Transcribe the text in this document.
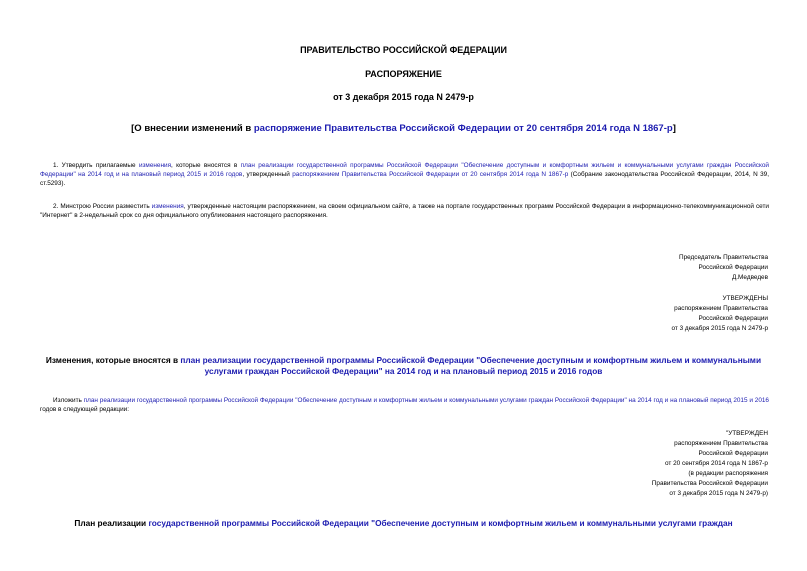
ПРАВИТЕЛЬСТВО РОССИЙСКОЙ ФЕДЕРАЦИИ
РАСПОРЯЖЕНИЕ
от 3 декабря 2015 года N 2479-р
[О внесении изменений в распоряжение Правительства Российской Федерации от 20 сентября 2014 года N 1867-р]
1. Утвердить прилагаемые изменения, которые вносятся в план реализации государственной программы Российской Федерации "Обеспечение доступным и комфортным жильем и коммунальными услугами граждан Российской Федерации" на 2014 год и на плановый период 2015 и 2016 годов, утвержденный распоряжением Правительства Российской Федерации от 20 сентября 2014 года N 1867-р (Собрание законодательства Российской Федерации, 2014, N 39, ст.5293).
2. Минстрою России разместить изменения, утвержденные настоящим распоряжением, на своем официальном сайте, а также на портале государственных программ Российской Федерации в информационно-телекоммуникационной сети "Интернет" в 2-недельный срок со дня официального опубликования настоящего распоряжения.
Председатель Правительства
Российской Федерации
Д.Медведев
УТВЕРЖДЕНЫ
распоряжением Правительства
Российской Федерации
от 3 декабря 2015 года N 2479-р
Изменения, которые вносятся в план реализации государственной программы Российской Федерации "Обеспечение доступным и комфортным жильем и коммунальными услугами граждан Российской Федерации" на 2014 год и на плановый период 2015 и 2016 годов
Изложить план реализации государственной программы Российской Федерации "Обеспечение доступным и комфортным жильем и коммунальными услугами граждан Российской Федерации" на 2014 год и на плановый период 2015 и 2016 годов в следующей редакции:
"УТВЕРЖДЕН
распоряжением Правительства
Российской Федерации
от 20 сентября 2014 года N 1867-р
(в редакции распоряжения
Правительства Российской Федерации
от 3 декабря 2015 года N 2479-р)
План реализации государственной программы Российской Федерации "Обеспечение доступным и комфортным жильем и коммунальными услугами граждан
